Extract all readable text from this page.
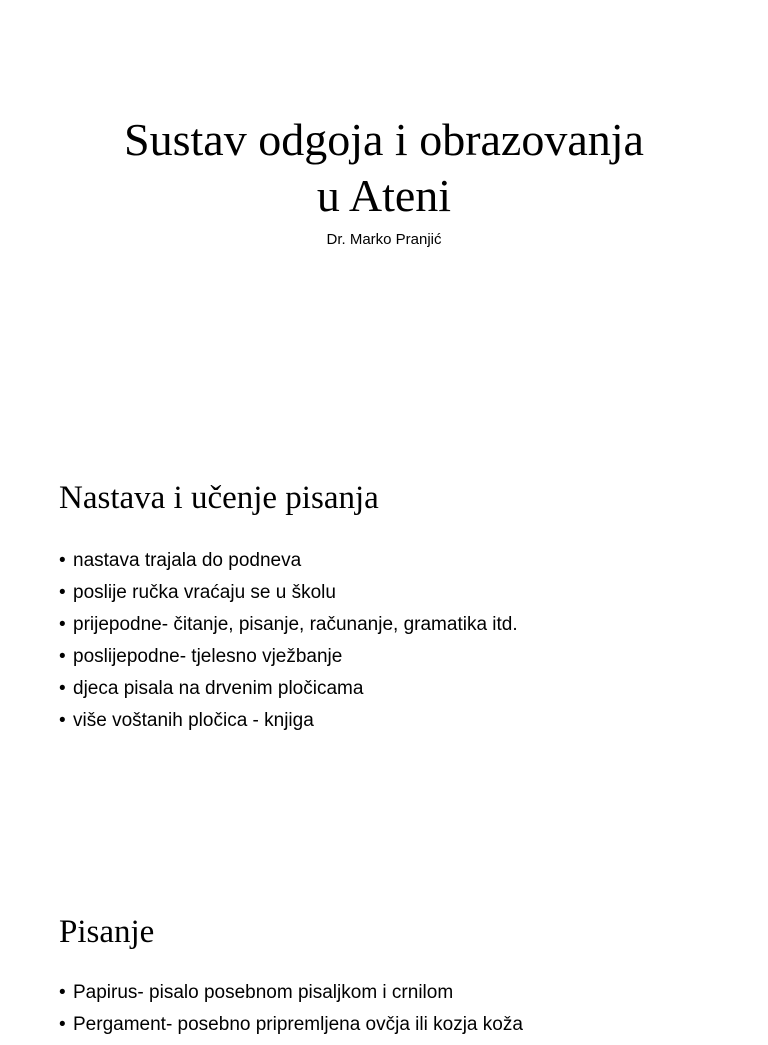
Sustav odgoja i obrazovanja
u Ateni
Dr. Marko Pranjić
Nastava i učenje pisanja
• nastava trajala do podneva
• poslije ručka vraćaju se u školu
• prijepodne- čitanje, pisanje, računanje, gramatika itd.
• poslijepodne- tjelesno vježbanje
• djeca pisala na drvenim pločicama
• više voštanih pločica - knjiga
Pisanje
• Papirus- pisalo posebnom pisaljkom i crnilom
• Pergament- posebno pripremljena ovčja ili kozja koža
